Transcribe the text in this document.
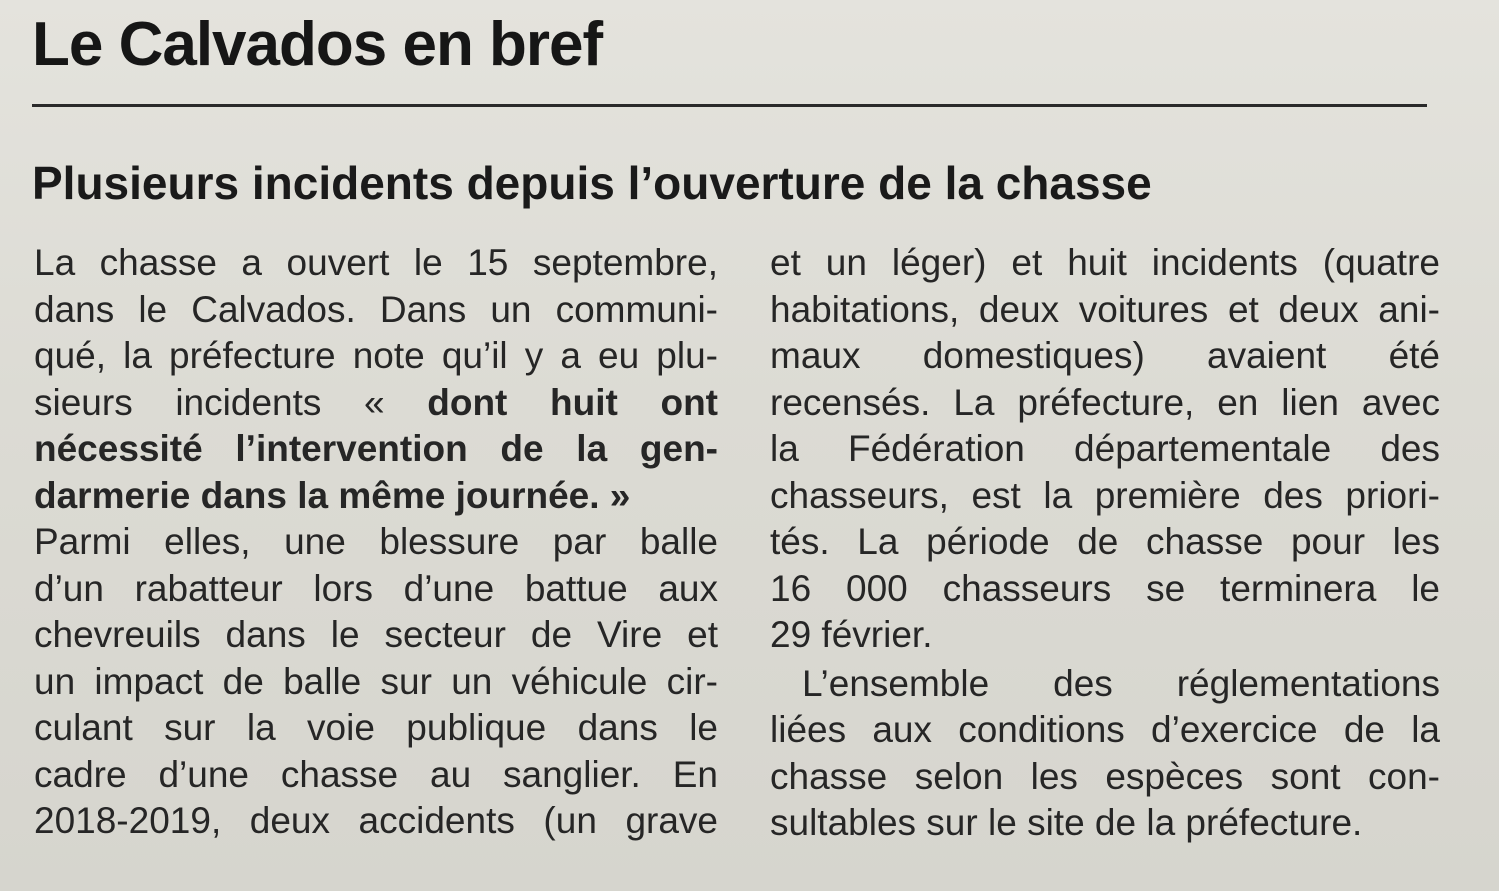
Le Calvados en bref
Plusieurs incidents depuis l’ouverture de la chasse
La chasse a ouvert le 15 septembre,
dans le Calvados. Dans un communi-
qué, la préfecture note qu’il y a eu plu-
sieurs incidents « dont huit ont
nécessité l’intervention de la gen-
darmerie dans la même journée. »
Parmi elles, une blessure par balle
d’un rabatteur lors d’une battue aux
chevreuils dans le secteur de Vire et
un impact de balle sur un véhicule cir-
culant sur la voie publique dans le
cadre d’une chasse au sanglier. En
2018-2019, deux accidents (un grave
et un léger) et huit incidents (quatre
habitations, deux voitures et deux ani-
maux domestiques) avaient été
recensés. La préfecture, en lien avec
la Fédération départementale des
chasseurs, est la première des priori-
tés. La période de chasse pour les
16 000 chasseurs se terminera le
29 février.
L’ensemble des réglementations
liées aux conditions d’exercice de la
chasse selon les espèces sont con-
sultables sur le site de la préfecture.
